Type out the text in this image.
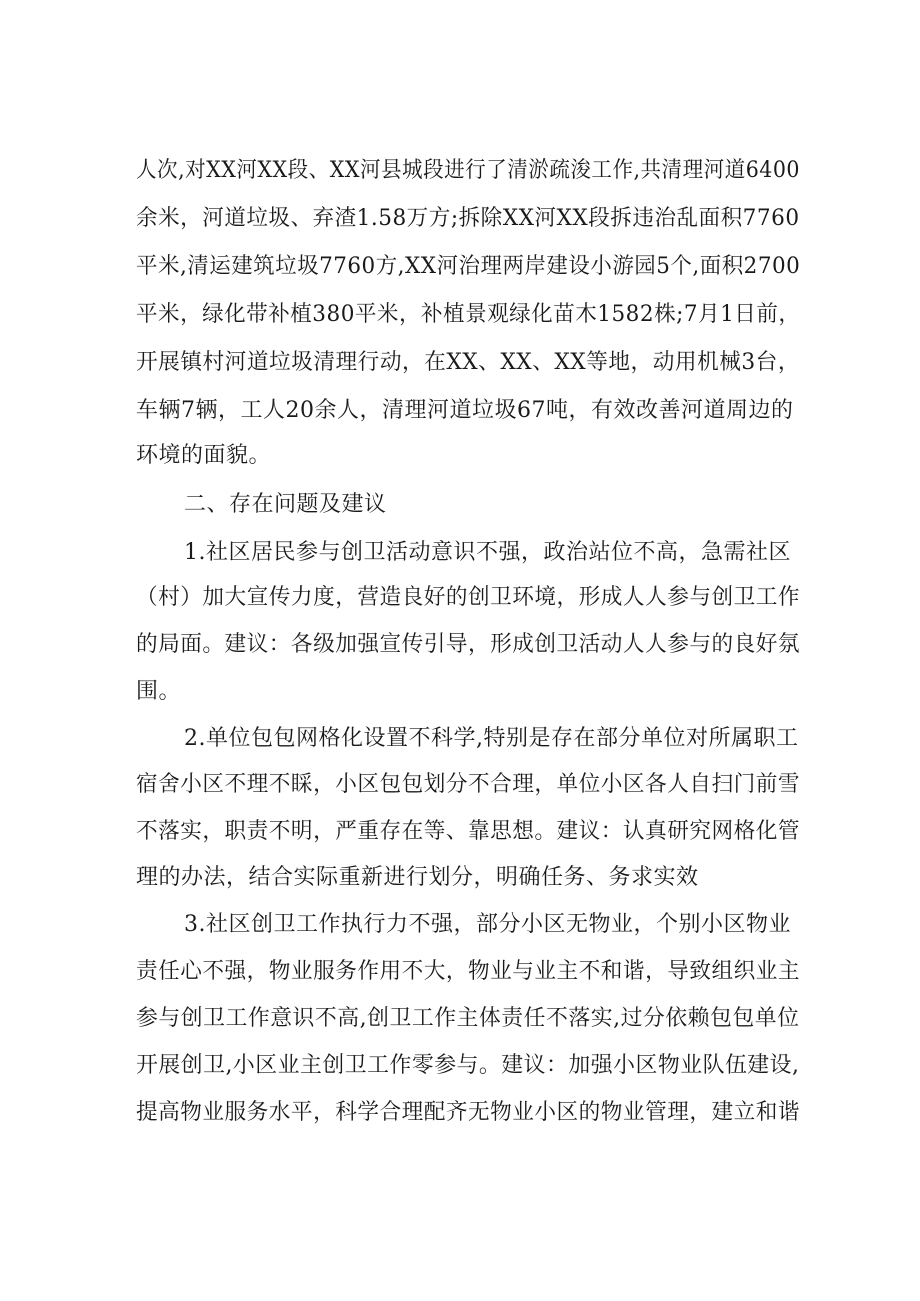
人次,对XX河XX段、XX河县城段进行了清淤疏浚工作,共清理河道6400
余米，河道垃圾、弃渣1.58万方;拆除XX河XX段拆违治乱面积7760
平米,清运建筑垃圾7760方,XX河治理两岸建设小游园5个,面积2700
平米，绿化带补植380平米，补植景观绿化苗木1582株;7月1日前，
开展镇村河道垃圾清理行动，在XX、XX、XX等地，动用机械3台，
车辆7辆，工人20余人，清理河道垃圾67吨，有效改善河道周边的
环境的面貌。
二、存在问题及建议
1.社区居民参与创卫活动意识不强，政治站位不高，急需社区
（村）加大宣传力度，营造良好的创卫环境，形成人人参与创卫工作
的局面。建议：各级加强宣传引导，形成创卫活动人人参与的良好氛
围。
2.单位包包网格化设置不科学,特别是存在部分单位对所属职工
宿舍小区不理不睬，小区包包划分不合理，单位小区各人自扫门前雪
不落实，职责不明，严重存在等、靠思想。建议：认真研究网格化管
理的办法，结合实际重新进行划分，明确任务、务求实效
3.社区创卫工作执行力不强，部分小区无物业，个别小区物业
责任心不强，物业服务作用不大，物业与业主不和谐，导致组织业主
参与创卫工作意识不高,创卫工作主体责任不落实,过分依赖包包单位
开展创卫,小区业主创卫工作零参与。建议：加强小区物业队伍建设,
提高物业服务水平，科学合理配齐无物业小区的物业管理，建立和谐
